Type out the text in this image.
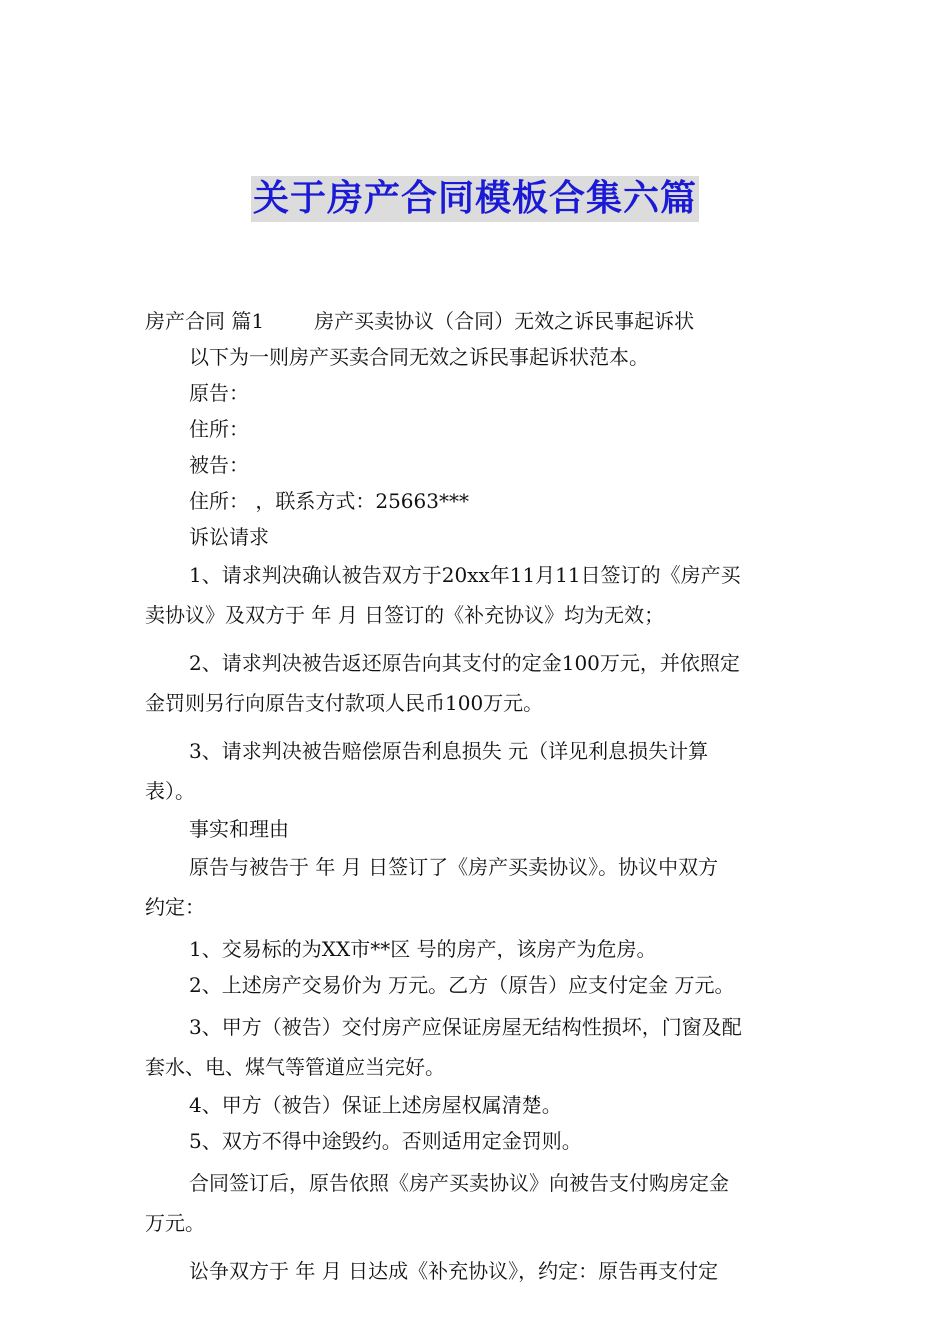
关于房产合同模板合集六篇
房产合同 篇1	房产买卖协议（合同）无效之诉民事起诉状
以下为一则房产买卖合同无效之诉民事起诉状范本。
原告：
住所：
被告：
住所： ，联系方式：25663***
诉讼请求
1、请求判决确认被告双方于20xx年11月11日签订的《房产买
卖协议》及双方于 年 月 日签订的《补充协议》均为无效；
2、请求判决被告返还原告向其支付的定金100万元，并依照定
金罚则另行向原告支付款项人民币100万元。
3、请求判决被告赔偿原告利息损失 元（详见利息损失计算
表）。
事实和理由
原告与被告于 年 月 日签订了《房产买卖协议》。协议中双方
约定：
1、交易标的为XX市**区 号的房产，该房产为危房。
2、上述房产交易价为 万元。乙方（原告）应支付定金 万元。
3、甲方（被告）交付房产应保证房屋无结构性损坏，门窗及配
套水、电、煤气等管道应当完好。
4、甲方（被告）保证上述房屋权属清楚。
5、双方不得中途毁约。否则适用定金罚则。
合同签订后，原告依照《房产买卖协议》向被告支付购房定金
万元。
讼争双方于 年 月 日达成《补充协议》，约定：原告再支付定
